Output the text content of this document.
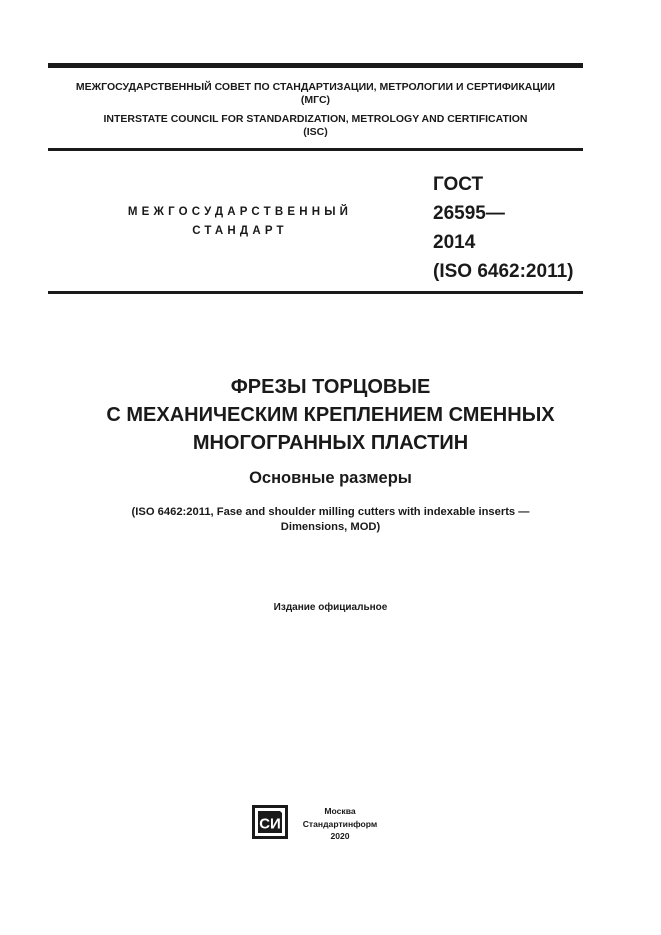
МЕЖГОСУДАРСТВЕННЫЙ СОВЕТ ПО СТАНДАРТИЗАЦИИ, МЕТРОЛОГИИ И СЕРТИФИКАЦИИ
(МГС)
INTERSTATE COUNCIL FOR STANDARDIZATION, METROLOGY AND CERTIFICATION
(ISC)
МЕЖГОСУДАРСТВЕННЫЙ
СТАНДАРТ
ГОСТ
26595—
2014
(ISO 6462:2011)
ФРЕЗЫ ТОРЦОВЫЕ
С МЕХАНИЧЕСКИМ КРЕПЛЕНИЕМ СМЕННЫХ
МНОГОГРАННЫХ ПЛАСТИН
Основные размеры
(ISO 6462:2011, Fase and shoulder milling cutters with indexable inserts —
Dimensions, MOD)
Издание официальное
СИ
Москва
Стандартинформ
2020
